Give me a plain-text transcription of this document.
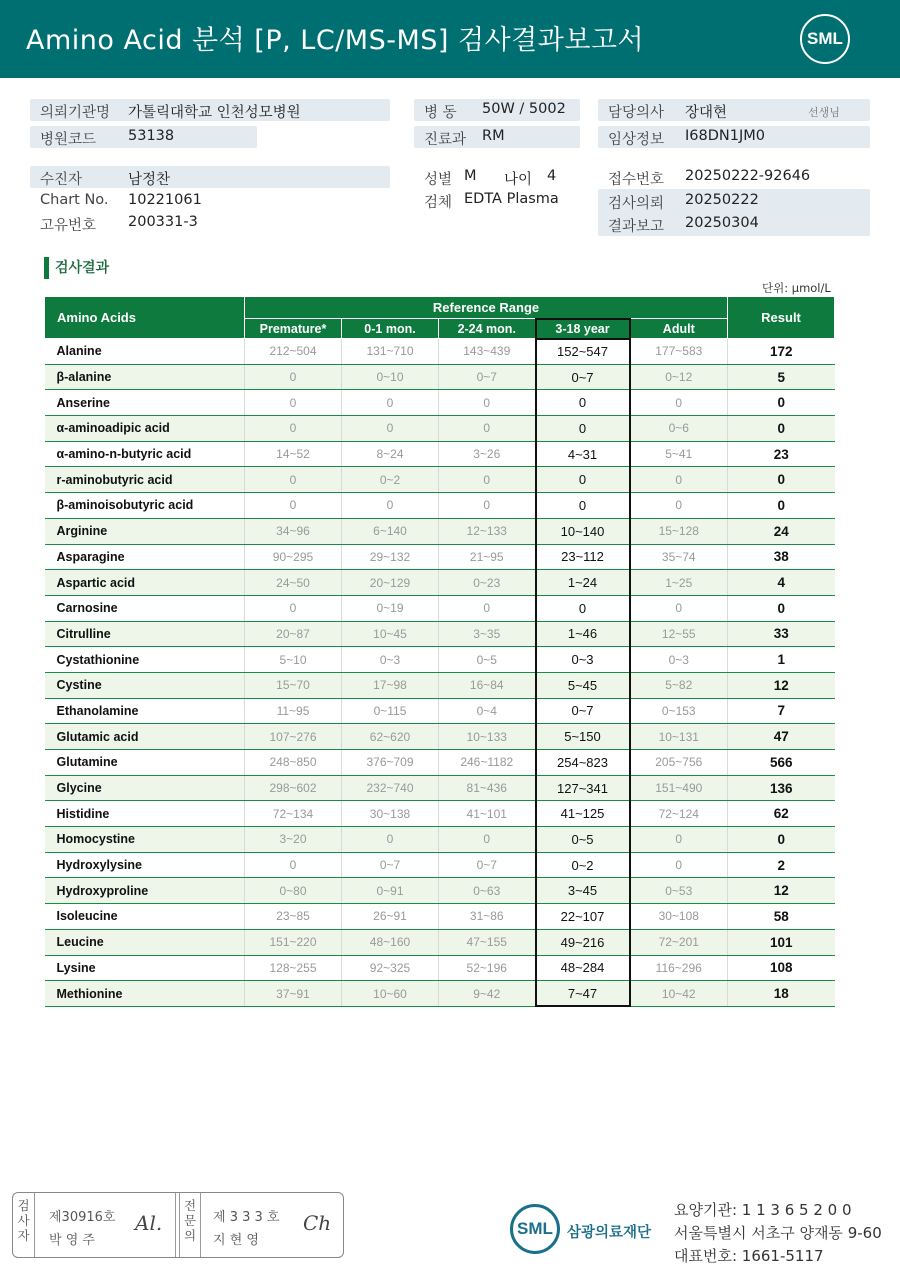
Amino Acid 분석 [P, LC/MS-MS] 검사결과보고서	SML
의뢰기관명 가톨릭대학교 인천성모병원
병원코드 53138
수진자	남정찬
Chart No. 10221061
고유번호 200331-3
병 동 50W / 5002
진료과 RM
성별 M 나이 4
검체 EDTA Plasma
담당의사 장대현	선생님
임상정보 I68DN1JM0
접수번호 20250222-92646
검사의뢰 20250222
결과보고 20250304
검사결과
단위: μmol/L
Amino Acids	Reference Range					Result
	Premature*	0-1 mon.	2-24 mon.	3-18 year	Adult	
Alanine	212~504	131~710	143~439	152~547	177~583	172
β-alanine	0	0~10	0~7	0~7	0~12	5
Anserine	0	0	0	0	0	0
α-aminoadipic acid	0	0	0	0	0~6	0
α-amino-n-butyric acid	14~52	8~24	3~26	4~31	5~41	23
r-aminobutyric acid	0	0~2	0	0	0	0
β-aminoisobutyric acid	0	0	0	0	0	0
Arginine	34~96	6~140	12~133	10~140	15~128	24
Asparagine	90~295	29~132	21~95	23~112	35~74	38
Aspartic acid	24~50	20~129	0~23	1~24	1~25	4
Carnosine	0	0~19	0	0	0	0
Citrulline	20~87	10~45	3~35	1~46	12~55	33
Cystathionine	5~10	0~3	0~5	0~3	0~3	1
Cystine	15~70	17~98	16~84	5~45	5~82	12
Ethanolamine	11~95	0~115	0~4	0~7	0~153	7
Glutamic acid	107~276	62~620	10~133	5~150	10~131	47
Glutamine	248~850	376~709	246~1182	254~823	205~756	566
Glycine	298~602	232~740	81~436	127~341	151~490	136
Histidine	72~134	30~138	41~101	41~125	72~124	62
Homocystine	3~20	0	0	0~5	0	0
Hydroxylysine	0	0~7	0~7	0~2	0	2
Hydroxyproline	0~80	0~91	0~63	3~45	0~53	12
Isoleucine	23~85	26~91	31~86	22~107	30~108	58
Leucine	151~220	48~160	47~155	49~216	72~201	101
Lysine	128~255	92~325	52~196	48~284	116~296	108
Methionine	37~91	10~60	9~42	7~47	10~42	18
검사자
제30916호
박 영 주
Al.
전문의
제 3 3 3 호
지 현 영
Ch	SML 삼광의료재단
요양기관: 1 1 3 6 5 2 0 0
서울특별시 서초구 양재동 9-60
대표번호: 1661-5117
